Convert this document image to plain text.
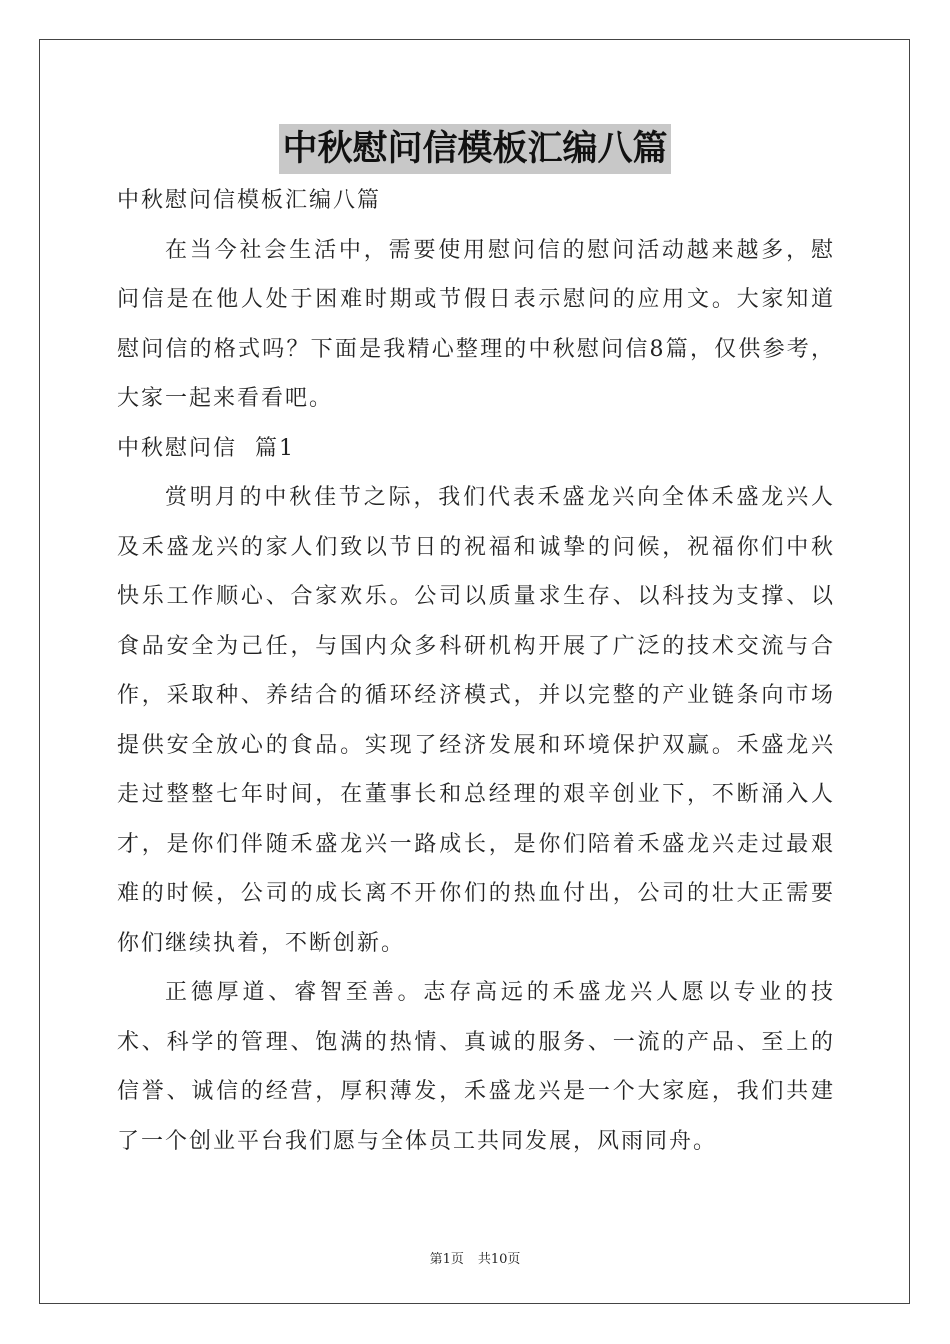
中秋慰问信模板汇编八篇

中秋慰问信模板汇编八篇

在当今社会生活中，需要使用慰问信的慰问活动越来越多，慰问信是在他人处于困难时期或节假日表示慰问的应用文。大家知道慰问信的格式吗？下面是我精心整理的中秋慰问信8篇，仅供参考，大家一起来看看吧。

中秋慰问信  篇1

赏明月的中秋佳节之际，我们代表禾盛龙兴向全体禾盛龙兴人及禾盛龙兴的家人们致以节日的祝福和诚挚的问候，祝福你们中秋快乐工作顺心、合家欢乐。公司以质量求生存、以科技为支撑、以食品安全为己任，与国内众多科研机构开展了广泛的技术交流与合作，采取种、养结合的循环经济模式，并以完整的产业链条向市场提供安全放心的食品。实现了经济发展和环境保护双赢。禾盛龙兴走过整整七年时间，在董事长和总经理的艰辛创业下，不断涌入人才，是你们伴随禾盛龙兴一路成长，是你们陪着禾盛龙兴走过最艰难的时候，公司的成长离不开你们的热血付出，公司的壮大正需要你们继续执着，不断创新。

正德厚道、睿智至善。志存高远的禾盛龙兴人愿以专业的技术、科学的管理、饱满的热情、真诚的服务、一流的产品、至上的信誉、诚信的经营，厚积薄发，禾盛龙兴是一个大家庭，我们共建了一个创业平台我们愿与全体员工共同发展，风雨同舟。

第1页 共10页
